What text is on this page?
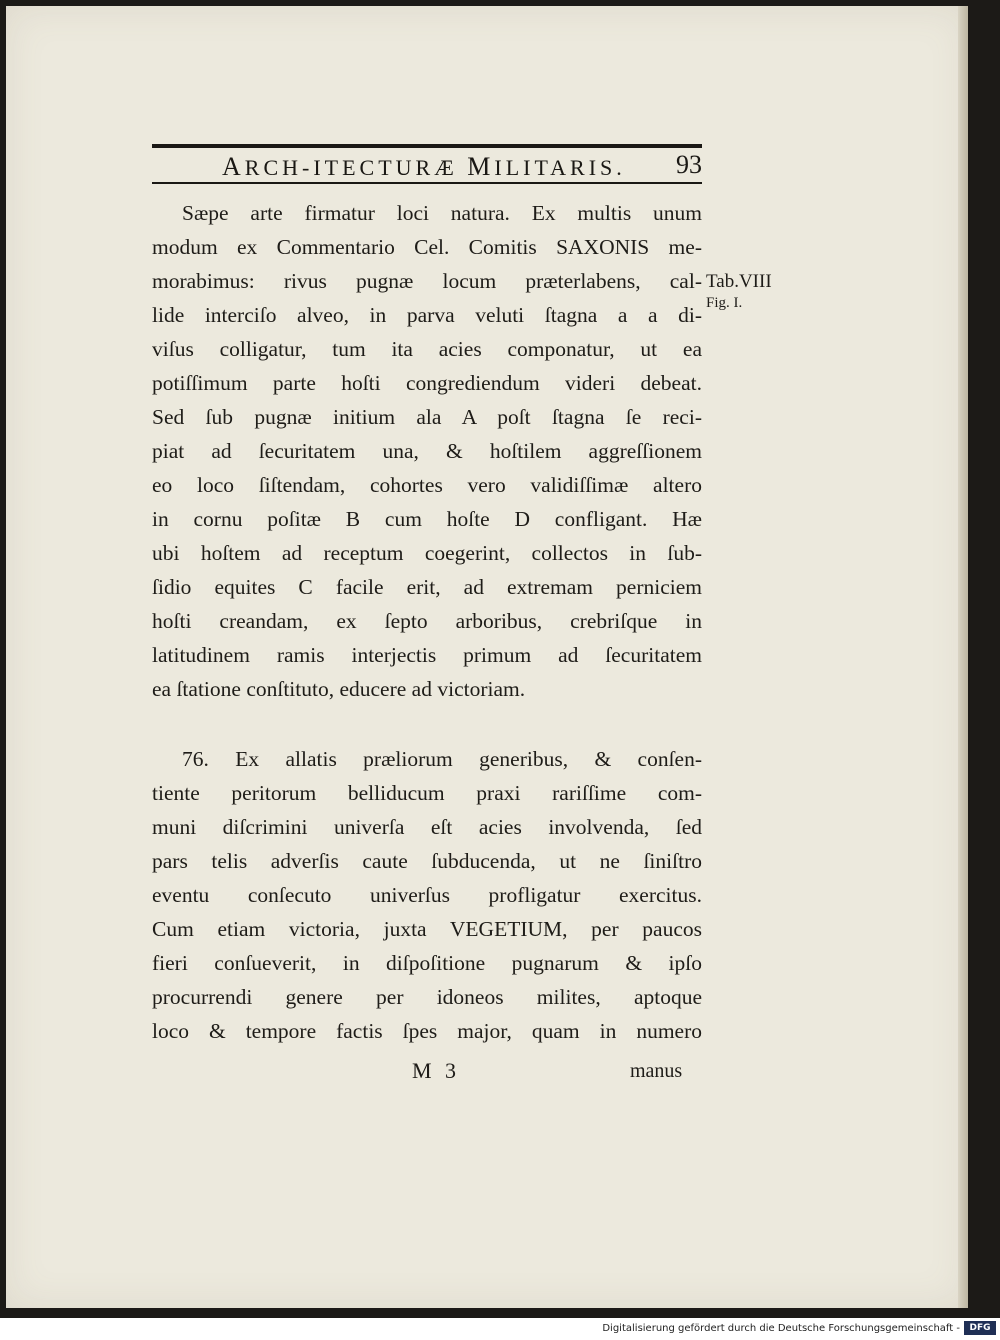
ARCH-ITECTURÆ MILITARIS. 93
Tab.VIII
Fig. I.
Sæpe arte firmatur loci natura. Ex multis unum
modum ex Commentario Cel. Comitis SAXONIS me-
morabimus: rivus pugnæ locum præterlabens, cal-
lide interciſo alveo, in parva veluti ſtagna a a di-
viſus colligatur, tum ita acies componatur, ut ea
potiſſimum parte hoſti congrediendum videri debeat.
Sed ſub pugnæ initium ala A poſt ſtagna ſe reci-
piat ad ſecuritatem una, & hoſtilem aggreſſionem
eo loco ſiſtendam, cohortes vero validiſſimæ altero
in cornu poſitæ B cum hoſte D confligant. Hæ
ubi hoſtem ad receptum coegerint, collectos in ſub-
ſidio equites C facile erit, ad extremam perniciem
hoſti creandam, ex ſepto arboribus, crebriſque in
latitudinem ramis interjectis primum ad ſecuritatem
ea ſtatione conſtituto, educere ad victoriam.
76. Ex allatis præliorum generibus, & conſen-
tiente peritorum belliducum praxi rariſſime com-
muni diſcrimini univerſa eſt acies involvenda, ſed
pars telis adverſis caute ſubducenda, ut ne ſiniſtro
eventu conſecuto univerſus profligatur exercitus.
Cum etiam victoria, juxta VEGETIUM, per paucos
fieri conſueverit, in diſpoſitione pugnarum & ipſo
procurrendi genere per idoneos milites, aptoque
loco & tempore factis ſpes major, quam in numero
M 3	manus
Digitalisierung gefördert durch die Deutsche Forschungsgemeinschaft -	DFG
